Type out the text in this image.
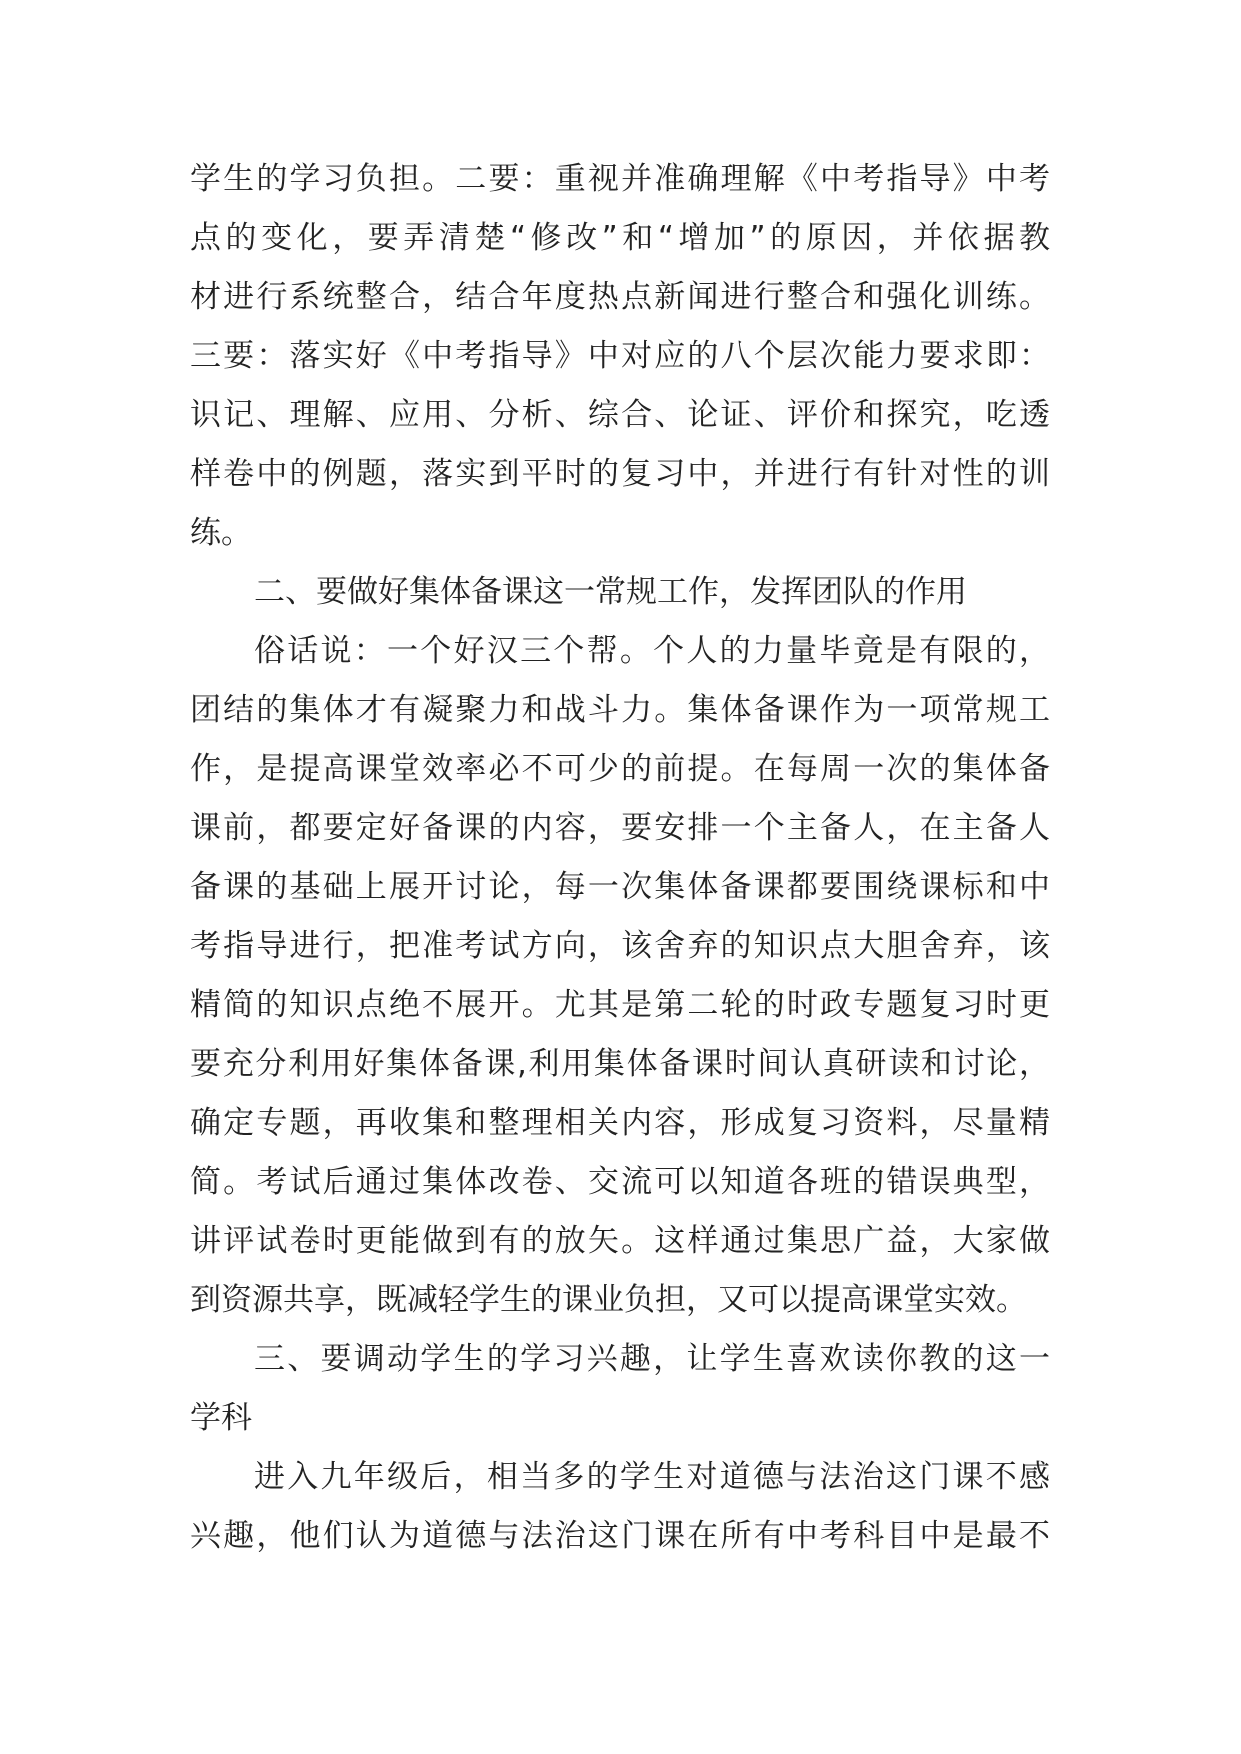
学生的学习负担。二要：重视并准确理解《中考指导》中考
点的变化，要弄清楚“修改”和“增加”的原因，并依据教
材进行系统整合，结合年度热点新闻进行整合和强化训练。
三要：落实好《中考指导》中对应的八个层次能力要求即：
识记、理解、应用、分析、综合、论证、评价和探究，吃透
样卷中的例题，落实到平时的复习中，并进行有针对性的训
练。
二、要做好集体备课这一常规工作，发挥团队的作用
俗话说：一个好汉三个帮。个人的力量毕竟是有限的，
团结的集体才有凝聚力和战斗力。集体备课作为一项常规工
作，是提高课堂效率必不可少的前提。在每周一次的集体备
课前，都要定好备课的内容，要安排一个主备人，在主备人
备课的基础上展开讨论，每一次集体备课都要围绕课标和中
考指导进行，把准考试方向，该舍弃的知识点大胆舍弃，该
精简的知识点绝不展开。尤其是第二轮的时政专题复习时更
要充分利用好集体备课,利用集体备课时间认真研读和讨论，
确定专题，再收集和整理相关内容，形成复习资料，尽量精
简。考试后通过集体改卷、交流可以知道各班的错误典型，
讲评试卷时更能做到有的放矢。这样通过集思广益，大家做
到资源共享，既减轻学生的课业负担，又可以提高课堂实效。
三、要调动学生的学习兴趣，让学生喜欢读你教的这一
学科
进入九年级后，相当多的学生对道德与法治这门课不感
兴趣，他们认为道德与法治这门课在所有中考科目中是最不
